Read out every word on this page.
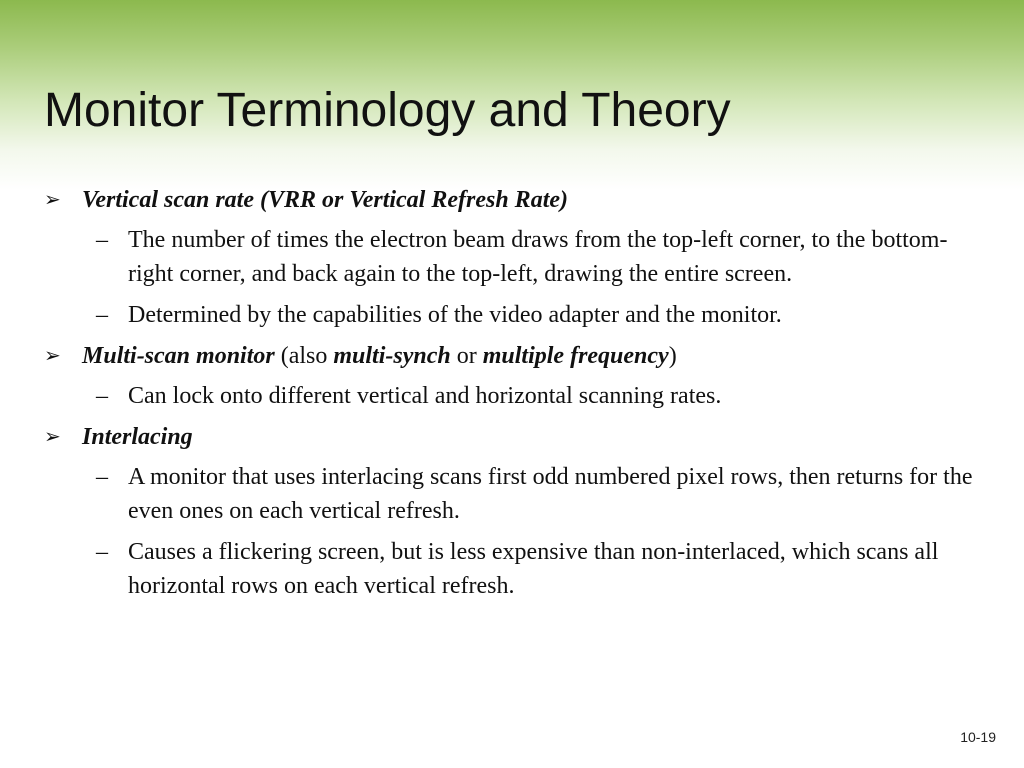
Monitor Terminology and Theory
➢ Vertical scan rate (VRR or Vertical Refresh Rate)
– The number of times the electron beam draws from the top-left corner, to the bottom-right corner, and back again to the top-left, drawing the entire screen.
– Determined by the capabilities of the video adapter and the monitor.
➢ Multi-scan monitor (also multi-synch or multiple frequency)
– Can lock onto different vertical and horizontal scanning rates.
➢ Interlacing
– A monitor that uses interlacing scans first odd numbered pixel rows, then returns for the even ones on each vertical refresh.
– Causes a flickering screen, but is less expensive than non-interlaced, which scans all horizontal rows on each vertical refresh.
10-19
